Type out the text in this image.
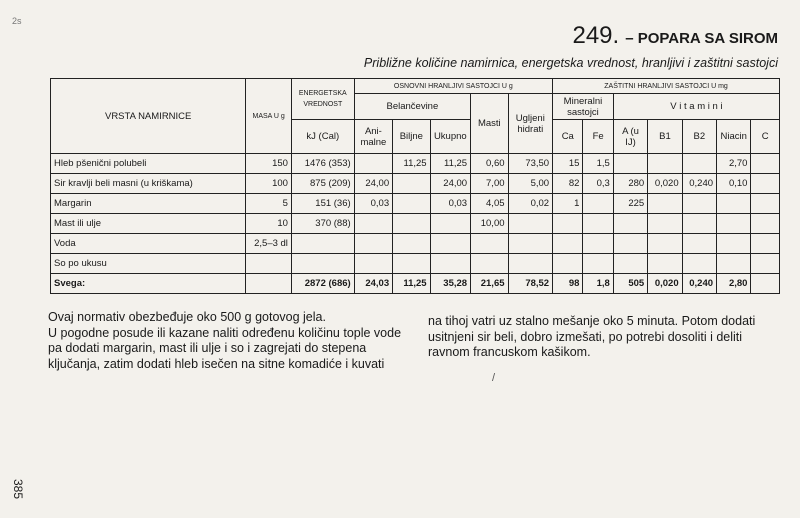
2s
249. – POPARA SA SIROM
Približne količine namirnica, energetska vrednost, hranljivi i zaštitni sastojci
VRSTA NAMIRNICE	MASA U g	ENERGETSKA VREDNOST	OSNOVNI HRANLJIVI SASTOJCI U g					ZAŠTITNI HRANLJIVI SASTOJCI U mg						
			Belančevine			Masti	Ugljeni hidrati	Mineralni sastojci		V i t a m i n i				
		kJ (Cal)	Ani-malne	Biljne	Ukupno			Ca	Fe	A (u IJ)	B1	B2	Niacin	C
Hleb pšenični polubeli	150	1476 (353)		11,25	11,25	0,60	73,50	15	1,5				2,70	
Sir kravlji beli masni (u kriškama)	100	875 (209)	24,00		24,00	7,00	5,00	82	0,3	280	0,020	0,240	0,10	
Margarin	5	151 (36)	0,03		0,03	4,05	0,02	1		225				
Mast ili ulje	10	370 (88)				10,00								
Voda	2,5–3 dl													
So po ukusu														
Svega:		2872 (686)	24,03	11,25	35,28	21,65	78,52	98	1,8	505	0,020	0,240	2,80	

Ovaj normativ obezbeđuje oko 500 g gotovog jela.

U pogodne posude ili kazane naliti određenu količinu tople vode pa dodati margarin, mast ili ulje i so i zagrejati do stepena ključanja, zatim dodati hleb isečen na sitne komadiće i kuvati

na tihoj vatri uz stalno mešanje oko 5 minuta. Potom dodati usitnjeni sir beli, dobro izmešati, po potrebi dosoliti i deliti ravnom francuskom kašikom.

/
385
